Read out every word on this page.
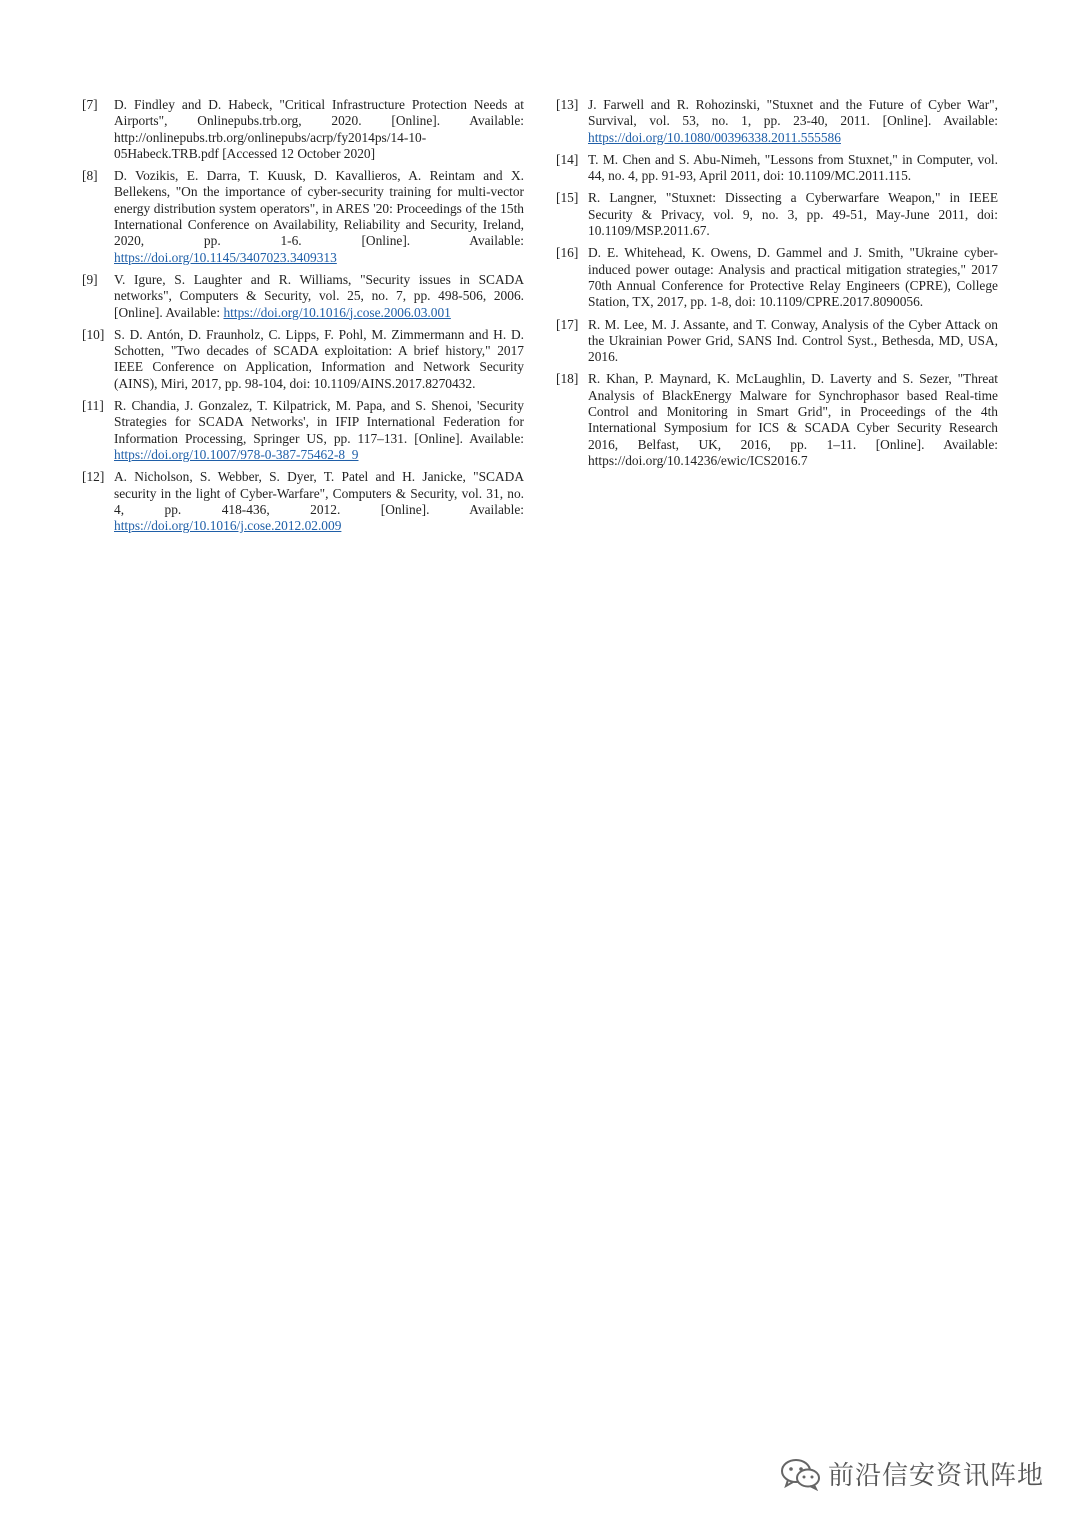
[7]	D. Findley and D. Habeck, "Critical Infrastructure Protection Needs at Airports", Onlinepubs.trb.org, 2020. [Online]. Available: http://onlinepubs.trb.org/onlinepubs/acrp/fy2014ps/14-10-05Habeck.TRB.pdf [Accessed 12 October 2020]
[8]	D. Vozikis, E. Darra, T. Kuusk, D. Kavallieros, A. Reintam and X. Bellekens, "On the importance of cyber-security training for multi-vector energy distribution system operators", in ARES '20: Proceedings of the 15th International Conference on Availability, Reliability and Security, Ireland, 2020, pp. 1-6. [Online]. Available: https://doi.org/10.1145/3407023.3409313
[9]	V. Igure, S. Laughter and R. Williams, "Security issues in SCADA networks", Computers & Security, vol. 25, no. 7, pp. 498-506, 2006. [Online]. Available: https://doi.org/10.1016/j.cose.2006.03.001
[10] S. D. Antón, D. Fraunholz, C. Lipps, F. Pohl, M. Zimmermann and H. D. Schotten, "Two decades of SCADA exploitation: A brief history," 2017 IEEE Conference on Application, Information and Network Security (AINS), Miri, 2017, pp. 98-104, doi: 10.1109/AINS.2017.8270432.
[11] R. Chandia, J. Gonzalez, T. Kilpatrick, M. Papa, and S. Shenoi, 'Security Strategies for SCADA Networks', in IFIP International Federation for Information Processing, Springer US, pp. 117–131. [Online]. Available: https://doi.org/10.1007/978-0-387-75462-8_9
[12] A. Nicholson, S. Webber, S. Dyer, T. Patel and H. Janicke, "SCADA security in the light of Cyber-Warfare", Computers & Security, vol. 31, no. 4, pp. 418-436, 2012. [Online]. Available: https://doi.org/10.1016/j.cose.2012.02.009
[13] J. Farwell and R. Rohozinski, "Stuxnet and the Future of Cyber War", Survival, vol. 53, no. 1, pp. 23-40, 2011. [Online]. Available: https://doi.org/10.1080/00396338.2011.555586
[14] T. M. Chen and S. Abu-Nimeh, "Lessons from Stuxnet," in Computer, vol. 44, no. 4, pp. 91-93, April 2011, doi: 10.1109/MC.2011.115.
[15] R. Langner, "Stuxnet: Dissecting a Cyberwarfare Weapon," in IEEE Security & Privacy, vol. 9, no. 3, pp. 49-51, May-June 2011, doi: 10.1109/MSP.2011.67.
[16] D. E. Whitehead, K. Owens, D. Gammel and J. Smith, "Ukraine cyber-induced power outage: Analysis and practical mitigation strategies," 2017 70th Annual Conference for Protective Relay Engineers (CPRE), College Station, TX, 2017, pp. 1-8, doi: 10.1109/CPRE.2017.8090056.
[17] R. M. Lee, M. J. Assante, and T. Conway, Analysis of the Cyber Attack on the Ukrainian Power Grid, SANS Ind. Control Syst., Bethesda, MD, USA, 2016.
[18] R. Khan, P. Maynard, K. McLaughlin, D. Laverty and S. Sezer, "Threat Analysis of BlackEnergy Malware for Synchrophasor based Real-time Control and Monitoring in Smart Grid", in Proceedings of the 4th International Symposium for ICS & SCADA Cyber Security Research 2016, Belfast, UK, 2016, pp. 1–11. [Online]. Available: https://doi.org/10.14236/ewic/ICS2016.7
前沿信安资讯阵地
